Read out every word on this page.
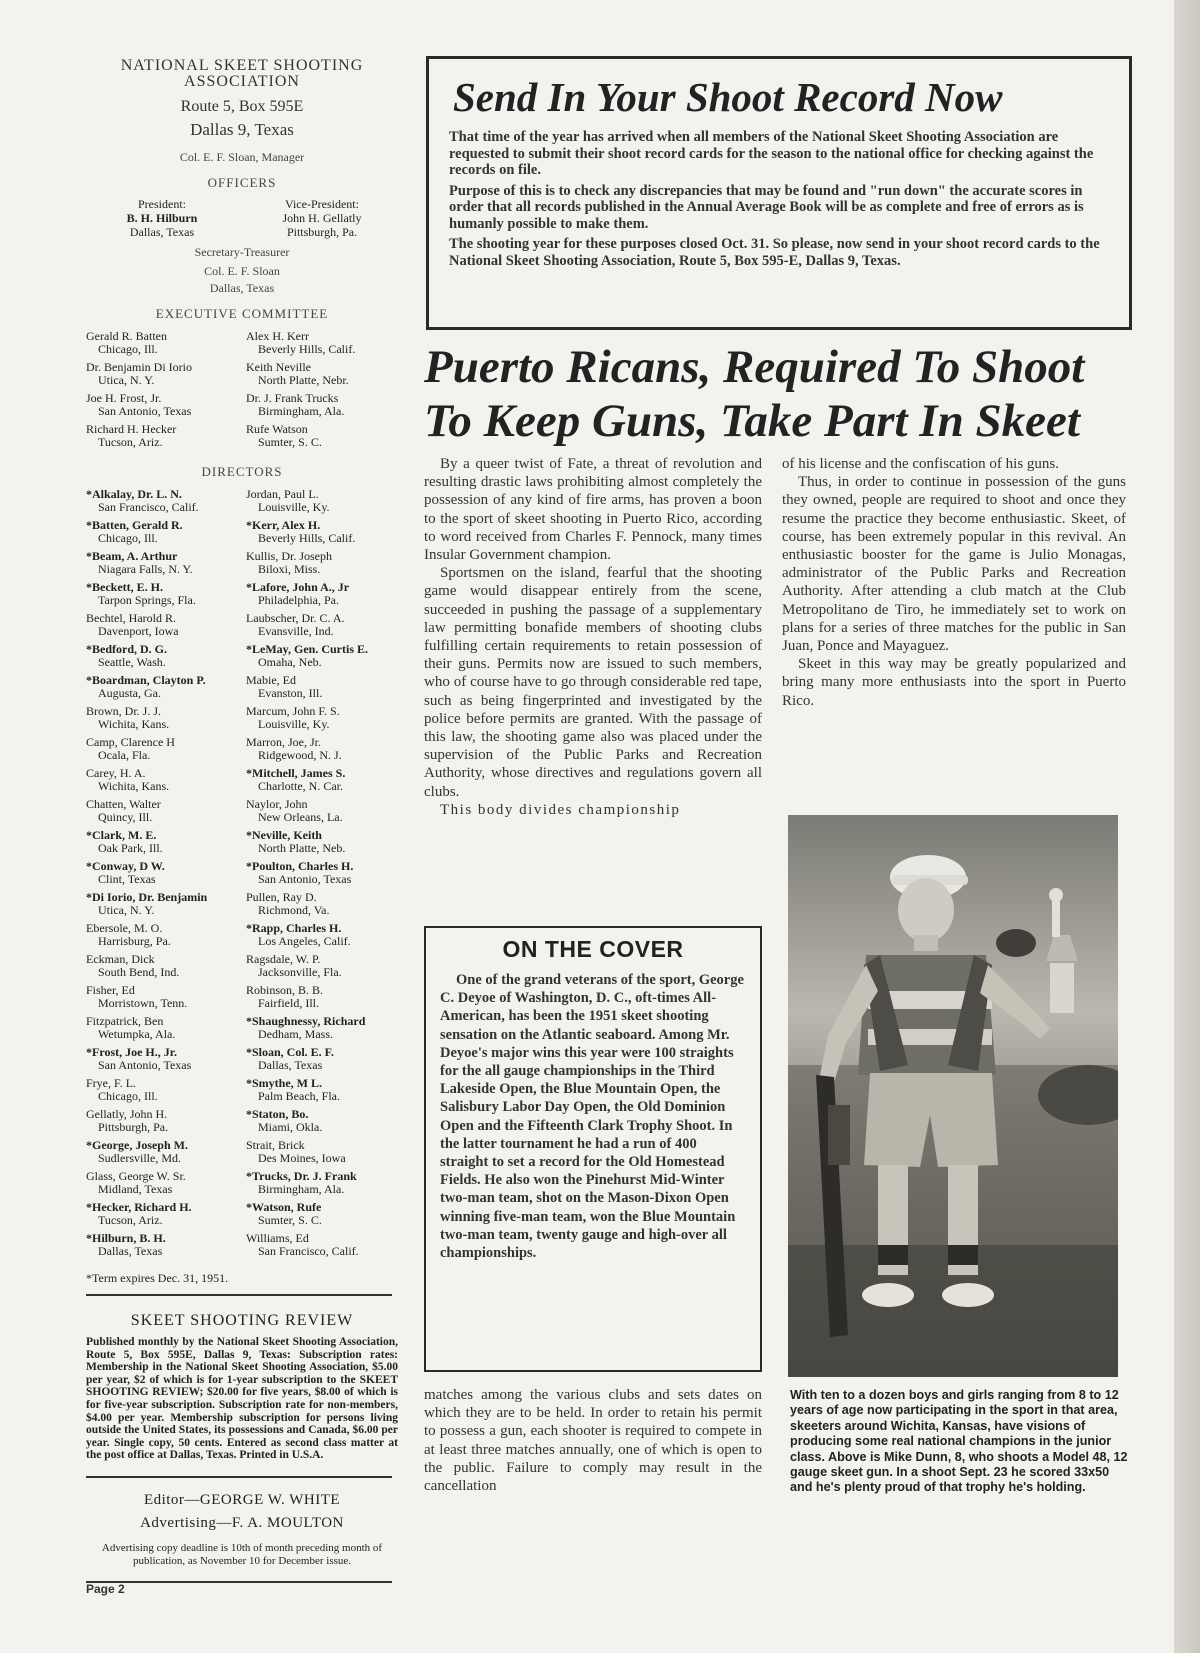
NATIONAL SKEET SHOOTING
ASSOCIATION
Route 5, Box 595E
Dallas 9, Texas
Col. E. F. Sloan, Manager
OFFICERS
President:
B. H. Hilburn
Dallas, Texas
Vice-President:
John H. Gellatly
Pittsburgh, Pa.
Secretary-Treasurer
Col. E. F. Sloan
Dallas, Texas
EXECUTIVE COMMITTEE
Gerald R. Batten
Chicago, Ill.
Dr. Benjamin Di Iorio
Utica, N. Y.
Joe H. Frost, Jr.
San Antonio, Texas
Richard H. Hecker
Tucson, Ariz.
Alex H. Kerr
Beverly Hills, Calif.
Keith Neville
North Platte, Nebr.
Dr. J. Frank Trucks
Birmingham, Ala.
Rufe Watson
Sumter, S. C.
DIRECTORS
*Alkalay, Dr. L. N.
San Francisco, Calif.
*Batten, Gerald R.
Chicago, Ill.
*Beam, A. Arthur
Niagara Falls, N. Y.
*Beckett, E. H.
Tarpon Springs, Fla.
Bechtel, Harold R.
Davenport, Iowa
*Bedford, D. G.
Seattle, Wash.
*Boardman, Clayton P.
Augusta, Ga.
Brown, Dr. J. J.
Wichita, Kans.
Camp, Clarence H
Ocala, Fla.
Carey, H. A.
Wichita, Kans.
Chatten, Walter
Quincy, Ill.
*Clark, M. E.
Oak Park, Ill.
*Conway, D W.
Clint, Texas
*Di Iorio, Dr. Benjamin
Utica, N. Y.
Ebersole, M. O.
Harrisburg, Pa.
Eckman, Dick
South Bend, Ind.
Fisher, Ed
Morristown, Tenn.
Fitzpatrick, Ben
Wetumpka, Ala.
*Frost, Joe H., Jr.
San Antonio, Texas
Frye, F. L.
Chicago, Ill.
Gellatly, John H.
Pittsburgh, Pa.
*George, Joseph M.
Sudlersville, Md.
Glass, George W. Sr.
Midland, Texas
*Hecker, Richard H.
Tucson, Ariz.
*Hilburn, B. H.
Dallas, Texas
Jordan, Paul L.
Louisville, Ky.
*Kerr, Alex H.
Beverly Hills, Calif.
Kullis, Dr. Joseph
Biloxi, Miss.
*Lafore, John A., Jr
Philadelphia, Pa.
Laubscher, Dr. C. A.
Evansville, Ind.
*LeMay, Gen. Curtis E.
Omaha, Neb.
Mabie, Ed
Evanston, Ill.
Marcum, John F. S.
Louisville, Ky.
Marron, Joe, Jr.
Ridgewood, N. J.
*Mitchell, James S.
Charlotte, N. Car.
Naylor, John
New Orleans, La.
*Neville, Keith
North Platte, Neb.
*Poulton, Charles H.
San Antonio, Texas
Pullen, Ray D.
Richmond, Va.
*Rapp, Charles H.
Los Angeles, Calif.
Ragsdale, W. P.
Jacksonville, Fla.
Robinson, B. B.
Fairfield, Ill.
*Shaughnessy, Richard
Dedham, Mass.
*Sloan, Col. E. F.
Dallas, Texas
*Smythe, M L.
Palm Beach, Fla.
*Staton, Bo.
Miami, Okla.
Strait, Brick
Des Moines, Iowa
*Trucks, Dr. J. Frank
Birmingham, Ala.
*Watson, Rufe
Sumter, S. C.
Williams, Ed
San Francisco, Calif.
*Term expires Dec. 31, 1951.
SKEET SHOOTING REVIEW
Published monthly by the National Skeet Shooting Association, Route 5, Box 595E, Dallas 9, Texas: Subscription rates: Membership in the National Skeet Shooting Association, $5.00 per year, $2 of which is for 1-year subscription to the SKEET SHOOTING REVIEW; $20.00 for five years, $8.00 of which is for five-year subscription. Subscription rate for non-members, $4.00 per year. Membership subscription for persons living outside the United States, its possessions and Canada, $6.00 per year. Single copy, 50 cents. Entered as second class matter at the post office at Dallas, Texas. Printed in U.S.A.
Editor—GEORGE W. WHITE
Advertising—F. A. MOULTON
Advertising copy deadline is 10th of month preceding month of publication, as November 10 for December issue.
Page 2
Send In Your Shoot Record Now

That time of the year has arrived when all members of the National Skeet Shooting Association are requested to submit their shoot record cards for the season to the national office for checking against the records on file.

Purpose of this is to check any discrepancies that may be found and "run down" the accurate scores in order that all records published in the Annual Average Book will be as complete and free of errors as is humanly possible to make them.

The shooting year for these purposes closed Oct. 31. So please, now send in your shoot record cards to the National Skeet Shooting Association, Route 5, Box 595-E, Dallas 9, Texas.

Puerto Ricans, Required To Shoot
To Keep Guns, Take Part In Skeet

By a queer twist of Fate, a threat of revolution and resulting drastic laws prohibiting almost completely the possession of any kind of fire arms, has proven a boon to the sport of skeet shooting in Puerto Rico, according to word received from Charles F. Pennock, many times Insular Government champion.

Sportsmen on the island, fearful that the shooting game would disappear entirely from the scene, succeeded in pushing the passage of a supplementary law permitting bonafide members of shooting clubs fulfilling certain requirements to retain possession of their guns. Permits now are issued to such members, who of course have to go through considerable red tape, such as being fingerprinted and investigated by the police before permits are granted. With the passage of this law, the shooting game also was placed under the supervision of the Public Parks and Recreation Authority, whose directives and regulations govern all clubs.

This body divides championship

ON THE COVER

One of the grand veterans of the sport, George C. Deyoe of Washington, D. C., oft-times All-American, has been the 1951 skeet shooting sensation on the Atlantic seaboard. Among Mr. Deyoe's major wins this year were 100 straights for the all gauge championships in the Third Lakeside Open, the Blue Mountain Open, the Salisbury Labor Day Open, the Old Dominion Open and the Fifteenth Clark Trophy Shoot. In the latter tournament he had a run of 400 straight to set a record for the Old Homestead Fields. He also won the Pinehurst Mid-Winter two-man team, shot on the Mason-Dixon Open winning five-man team, won the Blue Mountain two-man team, twenty gauge and high-over all championships.

matches among the various clubs and sets dates on which they are to be held. In order to retain his permit to possess a gun, each shooter is required to compete in at least three matches annually, one of which is open to the public. Failure to comply may result in the cancellation

of his license and the confiscation of his guns.

Thus, in order to continue in possession of the guns they owned, people are required to shoot and once they resume the practice they become enthusiastic. Skeet, of course, has been extremely popular in this revival. An enthusiastic booster for the game is Julio Monagas, administrator of the Public Parks and Recreation Authority. After attending a club match at the Club Metropolitano de Tiro, he immediately set to work on plans for a series of three matches for the public in San Juan, Ponce and Mayaguez.

Skeet in this way may be greatly popularized and bring many more enthusiasts into the sport in Puerto Rico.

With ten to a dozen boys and girls ranging from 8 to 12 years of age now participating in the sport in that area, skeeters around Wichita, Kansas, have visions of producing some real national champions in the junior class. Above is Mike Dunn, 8, who shoots a Model 48, 12 gauge skeet gun. In a shoot Sept. 23 he scored 33x50 and he's plenty proud of that trophy he's holding.
